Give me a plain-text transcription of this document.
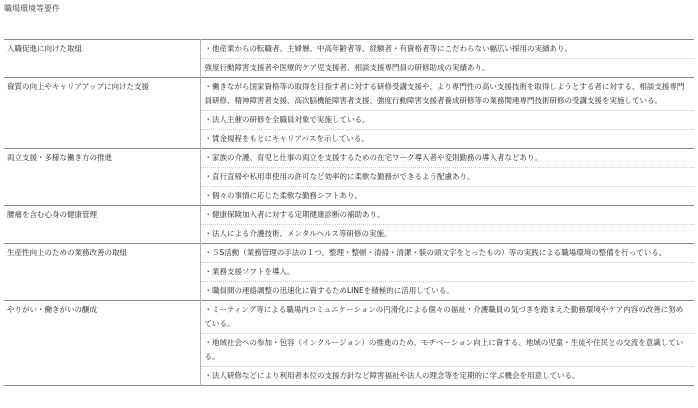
職場環境等要件
入職促進に向けた取組	・他産業からの転職者、主婦層、中高年齢者等、経験者・有資格者等にこだわらない幅広い採用の実績あり。
強度行動障害支援者や医療的ケア児支援者、相談支援専門員の研修助成の実績あり。

資質の向上やキャリアアップに向けた支援	・働きながら国家資格等の取得を目指す者に対する研修受講支援や、より専門性の高い支援技術を取得しようとする者に対する、相談支援専門員研修、精神障害者支援、高次脳機能障害者支援、強度行動障害支援者養成研修等の業務関連専門技術研修の受講支援を実施している。
・法人主催の研修を全職員対象で実施している。
・賃金規程をもとにキャリアパスを示している。

両立支援・多様な働き方の推進	・家族の介護、育児と仕事の両立を支援するための在宅ワーク導入者や変則勤務の導入者などあり。
・直行直帰や私用車使用の許可など効率的に柔軟な勤務ができるよう配慮あり。
・個々の事情に応じた柔軟な勤務シフトあり。

腰痛を含む心身の健康管理	・健康保険加入者に対する定期健康診断の補助あり。
・法人による介護技術、メンタルヘルス等研修の実施。

生産性向上のための業務改善の取組	・５S活動（業務管理の手法の１つ。整理・整頓・清掃・清潔・躾の頭文字をとったもの）等の実践による職場環境の整備を行っている。
・業務支援ソフトを導入。
・職員間の連絡調整の迅速化に資するためLINEを積極的に活用している。

やりがい・働きがいの醸成	・ミーティング等による職場内コミュニケーションの円滑化による個々の福祉・介護職員の気づきを踏まえた勤務環境やケア内容の改善に努めている。
・地域社会への参加・包容（インクルージョン）の推進のため、モチベーション向上に資する、地域の児童・生徒や住民との交流を意識している。
・法人研修などにより利用者本位の支援方針など障害福祉や法人の理念等を定期的に学ぶ機会を用意している。
